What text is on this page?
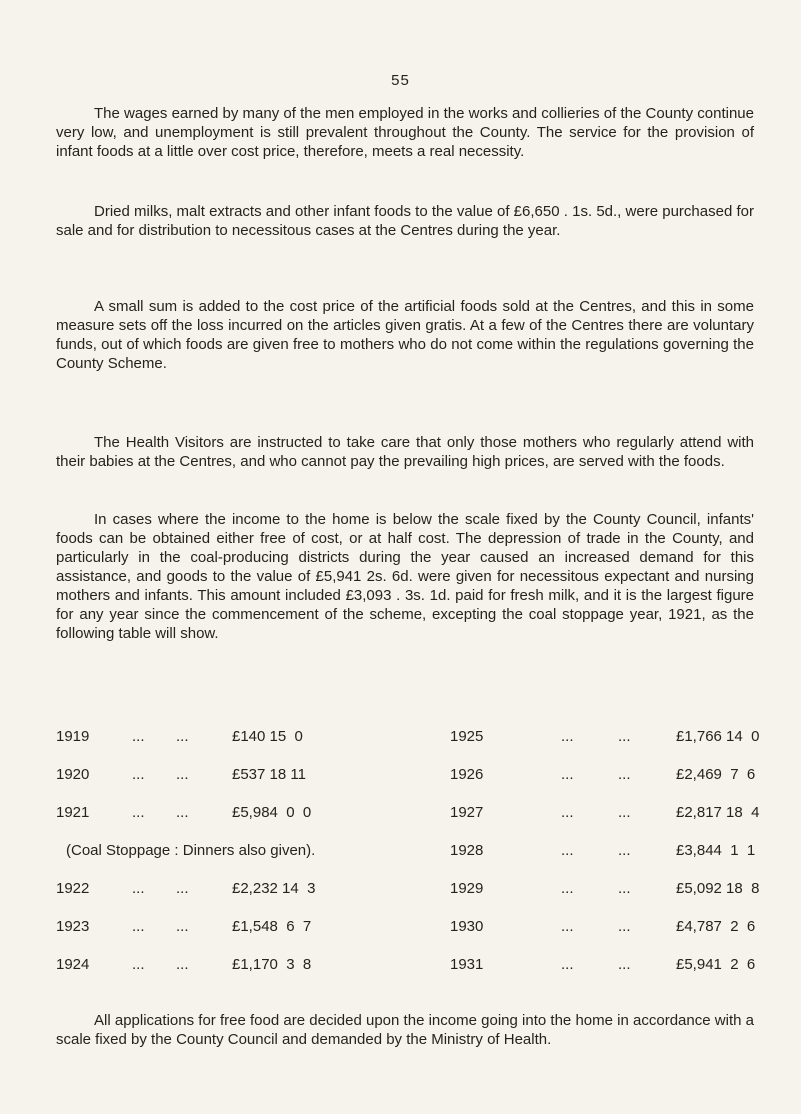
55

The wages earned by many of the men employed in the works and collieries of the County continue very low, and unemployment is still prevalent throughout the County. The service for the provision of infant foods at a little over cost price, therefore, meets a real necessity.

Dried milks, malt extracts and other infant foods to the value of £6,650 . 1s. 5d., were purchased for sale and for distribution to necessitous cases at the Centres during the year.

A small sum is added to the cost price of the artificial foods sold at the Centres, and this in some measure sets off the loss incurred on the articles given gratis. At a few of the Centres there are voluntary funds, out of which foods are given free to mothers who do not come within the regulations governing the County Scheme.

The Health Visitors are instructed to take care that only those mothers who regularly attend with their babies at the Centres, and who cannot pay the prevailing high prices, are served with the foods.

In cases where the income to the home is below the scale fixed by the County Council, infants' foods can be obtained either free of cost, or at half cost. The depression of trade in the County, and particularly in the coal-producing districts during the year caused an increased demand for this assistance, and goods to the value of £5,941 2s. 6d. were given for necessitous expectant and nursing mothers and infants. This amount included £3,093 . 3s. 1d. paid for fresh milk, and it is the largest figure for any year since the commencement of the scheme, excepting the coal stoppage year, 1921, as the following table will show.

1919	... ...	£140 15  0	1925	...	...	£1,766 14  0
1920	... ...	£537 18 11	1926	...	...	£2,469  7  6
1921	... ...	£5,984  0  0	1927	...	...	£2,817 18  4
(Coal Stoppage : Dinners also given).	1928	...	...	£3,844  1  1
1922	... ...	£2,232 14  3	1929	...	...	£5,092 18  8
1923	... ...	£1,548  6  7	1930	...	...	£4,787  2  6
1924	... ...	£1,170  3  8	1931	...	...	£5,941  2  6

All applications for free food are decided upon the income going into the home in accordance with a scale fixed by the County Council and demanded by the Ministry of Health.
